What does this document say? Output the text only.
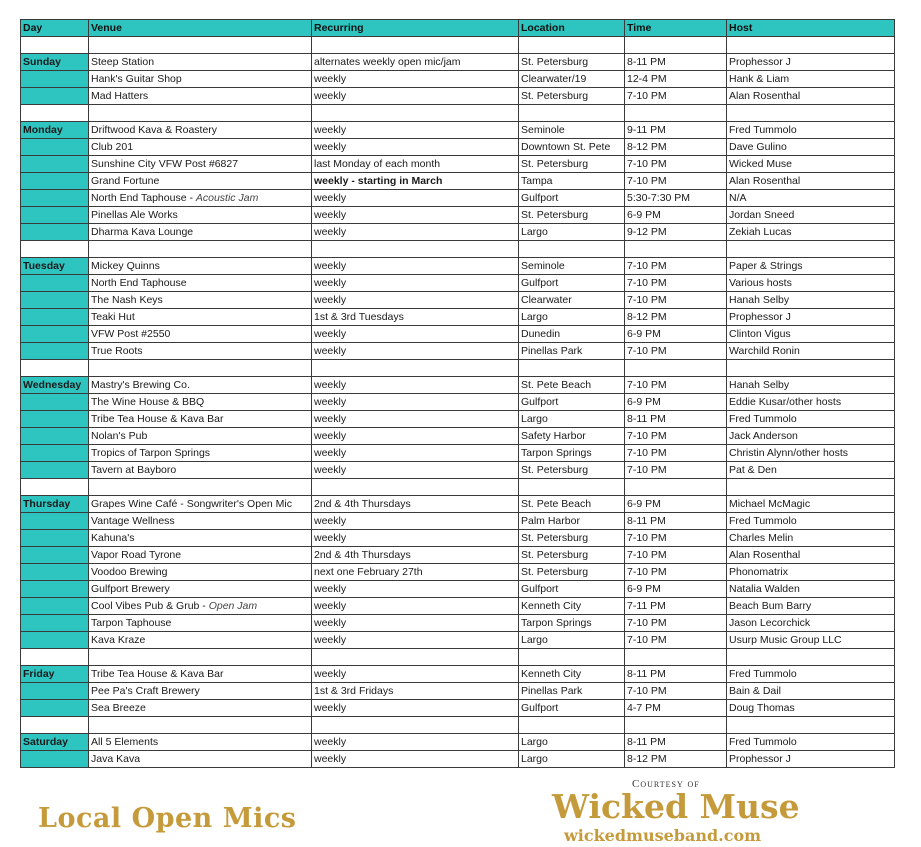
Day	Venue	Recurring	Location	Time	Host

Sunday	Steep Station	alternates weekly open mic/jam	St. Petersburg	8-11 PM	Prophessor J
	Hank's Guitar Shop	weekly	Clearwater/19	12-4 PM	Hank & Liam
	Mad Hatters	weekly	St. Petersburg	7-10 PM	Alan Rosenthal

Monday	Driftwood Kava & Roastery	weekly	Seminole	9-11 PM	Fred Tummolo
	Club 201	weekly	Downtown St. Pete	8-12 PM	Dave Gulino
	Sunshine City VFW Post #6827	last Monday of each month	St. Petersburg	7-10 PM	Wicked Muse
	Grand Fortune	weekly - starting in March	Tampa	7-10 PM	Alan Rosenthal
	North End Taphouse - Acoustic Jam	weekly	Gulfport	5:30-7:30 PM	N/A
	Pinellas Ale Works	weekly	St. Petersburg	6-9 PM	Jordan Sneed
	Dharma Kava Lounge	weekly	Largo	9-12 PM	Zekiah Lucas

Tuesday	Mickey Quinns	weekly	Seminole	7-10 PM	Paper & Strings
	North End Taphouse	weekly	Gulfport	7-10 PM	Various hosts
	The Nash Keys	weekly	Clearwater	7-10 PM	Hanah Selby
	Teaki Hut	1st & 3rd Tuesdays	Largo	8-12 PM	Prophessor J
	VFW Post #2550	weekly	Dunedin	6-9 PM	Clinton Vigus
	True Roots	weekly	Pinellas Park	7-10 PM	Warchild Ronin

Wednesday	Mastry's Brewing Co.	weekly	St. Pete Beach	7-10 PM	Hanah Selby
	The Wine House & BBQ	weekly	Gulfport	6-9 PM	Eddie Kusar/other hosts
	Tribe Tea House & Kava Bar	weekly	Largo	8-11 PM	Fred Tummolo
	Nolan's Pub	weekly	Safety Harbor	7-10 PM	Jack Anderson
	Tropics of Tarpon Springs	weekly	Tarpon Springs	7-10 PM	Christin Alynn/other hosts
	Tavern at Bayboro	weekly	St. Petersburg	7-10 PM	Pat & Den

Thursday	Grapes Wine Café - Songwriter's Open Mic	2nd & 4th Thursdays	St. Pete Beach	6-9 PM	Michael McMagic
	Vantage Wellness	weekly	Palm Harbor	8-11 PM	Fred Tummolo
	Kahuna's	weekly	St. Petersburg	7-10 PM	Charles Melin
	Vapor Road Tyrone	2nd & 4th Thursdays	St. Petersburg	7-10 PM	Alan Rosenthal
	Voodoo Brewing	next one February 27th	St. Petersburg	7-10 PM	Phonomatrix
	Gulfport Brewery	weekly	Gulfport	6-9 PM	Natalia Walden
	Cool Vibes Pub & Grub - Open Jam	weekly	Kenneth City	7-11 PM	Beach Bum Barry
	Tarpon Taphouse	weekly	Tarpon Springs	7-10 PM	Jason Lecorchick
	Kava Kraze	weekly	Largo	7-10 PM	Usurp Music Group LLC

Friday	Tribe Tea House & Kava Bar	weekly	Kenneth City	8-11 PM	Fred Tummolo
	Pee Pa's Craft Brewery	1st & 3rd Fridays	Pinellas Park	7-10 PM	Bain & Dail
	Sea Breeze	weekly	Gulfport	4-7 PM	Doug Thomas

Saturday	All 5 Elements	weekly	Largo	8-11 PM	Fred Tummolo
	Java Kava	weekly	Largo	8-12 PM	Prophessor J
Local Open Mics
Courtesy of
Wicked Muse
wickedmuseband.com
